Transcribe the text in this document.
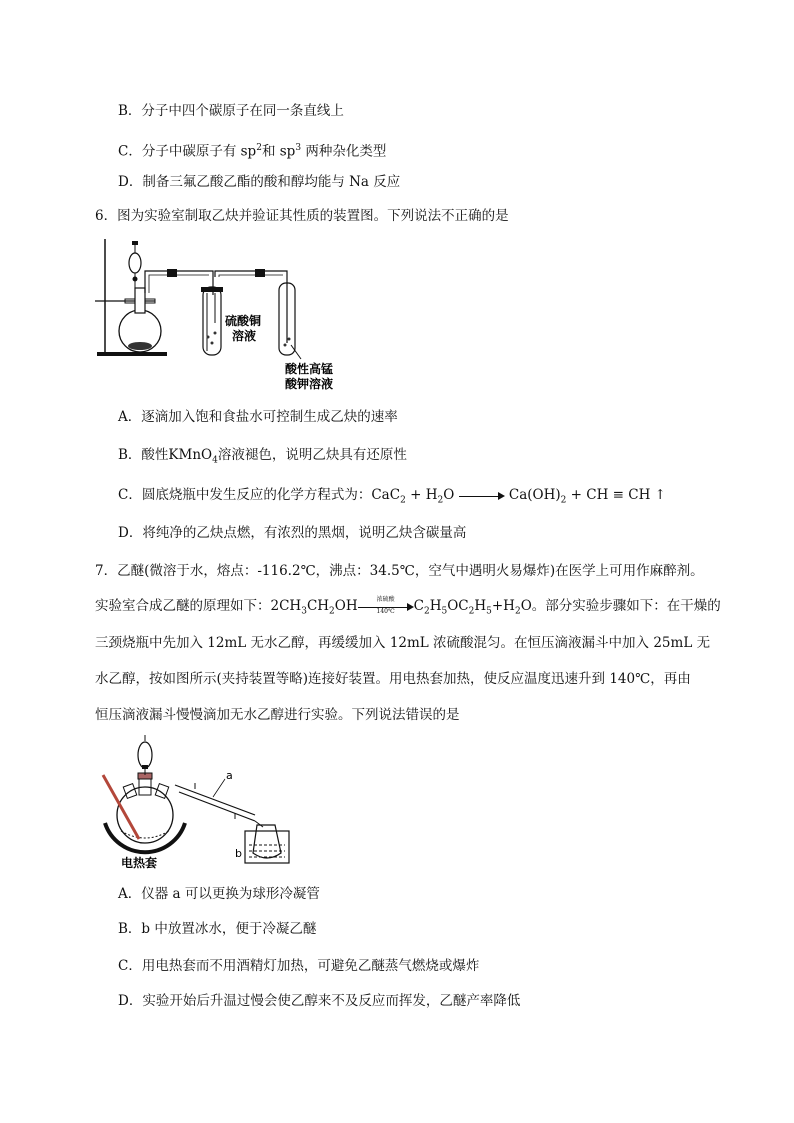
B．分子中四个碳原子在同一条直线上
C．分子中碳原子有 $sp^2$和 $sp^3$ 两种杂化类型
D．制备三氟乙酸乙酯的酸和醇均能与 Na 反应
6．图为实验室制取乙炔并验证其性质的装置图。下列说法不正确的是
硫酸铜
溶液
酸性高锰
酸钾溶液
A．逐滴加入饱和食盐水可控制生成乙炔的速率
B．酸性KMnO$_4$溶液褪色，说明乙炔具有还原性
C．圆底烧瓶中发生反应的化学方程式为：$CaC_2 + H_2O$	$Ca(OH)_2$ + CH ≡ CH ↑
D．将纯净的乙炔点燃，有浓烈的黑烟，说明乙炔含碳量高
7．乙醚(微溶于水，熔点：-116.2℃，沸点：34.5℃，空气中遇明火易爆炸)在医学上可用作麻醉剂。
实验室合成乙醚的原理如下：$2CH_3CH_2OH$	浓硫酸
140℃	$C_2H_5OC_2H_5+H_2O$。部分实验步骤如下：在干燥的
三颈烧瓶中先加入 12mL 无水乙醇，再缓缓加入 12mL 浓硫酸混匀。在恒压滴液漏斗中加入 25mL 无
水乙醇，按如图所示(夹持装置等略)连接好装置。用电热套加热，使反应温度迅速升到 140℃，再由
恒压滴液漏斗慢慢滴加无水乙醇进行实验。下列说法错误的是
电热套
a
b
A．仪器 a 可以更换为球形冷凝管
B．b 中放置冰水，便于冷凝乙醚
C．用电热套而不用酒精灯加热，可避免乙醚蒸气燃烧或爆炸
D．实验开始后升温过慢会使乙醇来不及反应而挥发，乙醚产率降低
